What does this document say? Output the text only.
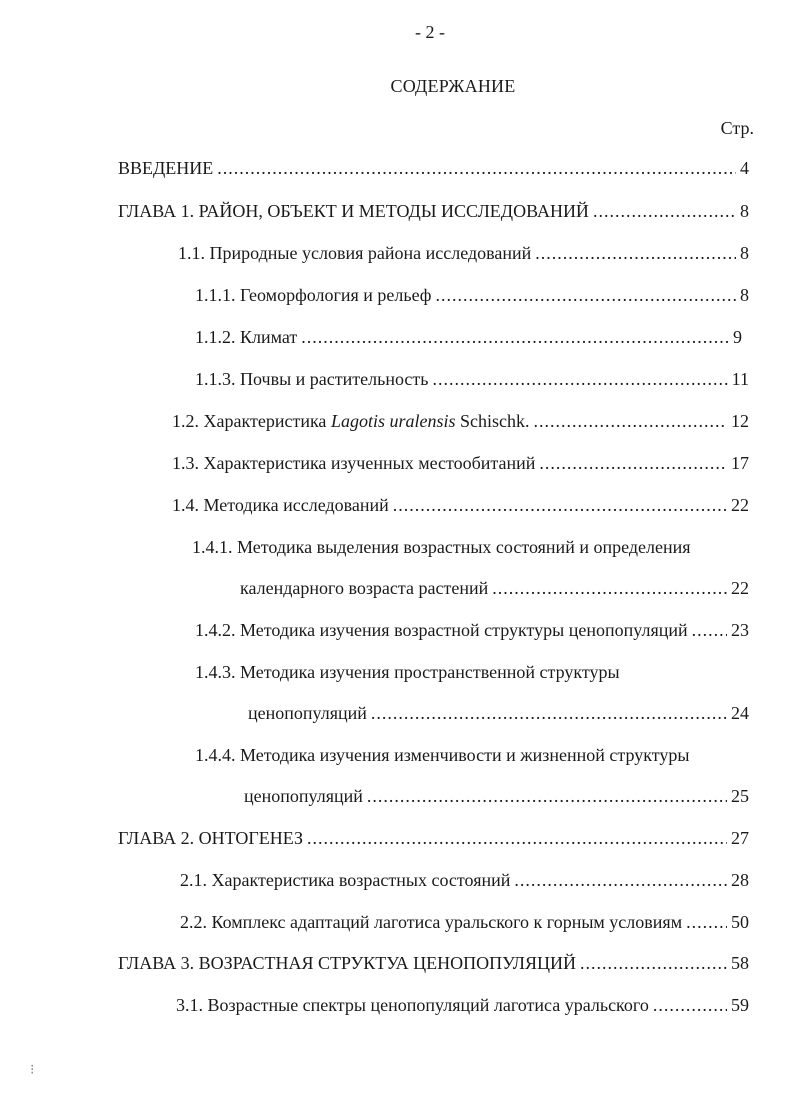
- 2 -
СОДЕРЖАНИЕ
Стр.
ВВЕДЕНИЕ .....	4
ГЛАВА 1. РАЙОН, ОБЪЕКТ И МЕТОДЫ ИССЛЕДОВАНИЙ .....	8
1.1. Природные условия района исследований .....	8
1.1.1. Геоморфология и рельеф .....	8
1.1.2. Климат .....	9
1.1.3. Почвы и растительность .....	11
1.2. Характеристика Lagotis uralensis Schischk. .....	12
1.3. Характеристика изученных местообитаний .....	17
1.4. Методика исследований .....	22
1.4.1. Методика выделения возрастных состояний и определения
календарного возраста растений .....	22
1.4.2. Методика изучения возрастной структуры ценопопуляций ..... 23
1.4.3. Методика изучения пространственной структуры
ценопопуляций .....	24
1.4.4. Методика изучения изменчивости и жизненной структуры
ценопопуляций .....	25
ГЛАВА 2. ОНТОГЕНЕЗ .....	27
2.1. Характеристика возрастных состояний .....	28
2.2. Комплекс адаптаций лаготиса уральского к горным условиям .....	50
ГЛАВА 3. ВОЗРАСТНАЯ СТРУКТУА ЦЕНОПОПУЛЯЦИЙ .....	58
3.1. Возрастные спектры ценопопуляций лаготиса уральского .....	59
⁝
